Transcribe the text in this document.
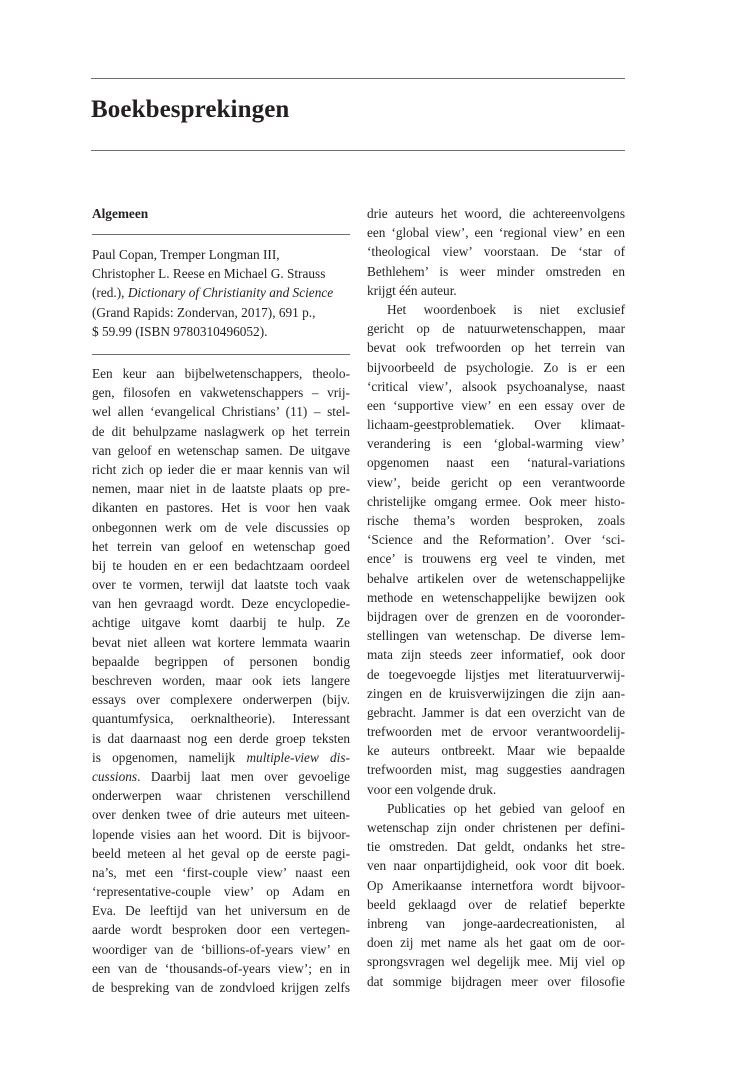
Boekbesprekingen
Algemeen
Paul Copan, Tremper Longman III,
Christopher L. Reese en Michael G. Strauss
(red.), Dictionary of Christianity and Science
(Grand Rapids: Zondervan, 2017), 691 p.,
$ 59.99 (ISBN 9780310496052).
Een keur aan bijbelwetenschappers, theolo-
gen, filosofen en vakwetenschappers – vrij-
wel allen ‘evangelical Christians’ (11) – stel-
de dit behulpzame naslagwerk op het terrein
van geloof en wetenschap samen. De uitgave
richt zich op ieder die er maar kennis van wil
nemen, maar niet in de laatste plaats op pre-
dikanten en pastores. Het is voor hen vaak
onbegonnen werk om de vele discussies op
het terrein van geloof en wetenschap goed
bij te houden en er een bedachtzaam oordeel
over te vormen, terwijl dat laatste toch vaak
van hen gevraagd wordt. Deze encyclopedie-
achtige uitgave komt daarbij te hulp. Ze
bevat niet alleen wat kortere lemmata waarin
bepaalde begrippen of personen bondig
beschreven worden, maar ook iets langere
essays over complexere onderwerpen (bijv.
quantumfysica, oerknaltheorie). Interessant
is dat daarnaast nog een derde groep teksten
is opgenomen, namelijk multiple-view dis-
cussions. Daarbij laat men over gevoelige
onderwerpen waar christenen verschillend
over denken twee of drie auteurs met uiteen-
lopende visies aan het woord. Dit is bijvoor-
beeld meteen al het geval op de eerste pagi-
na’s, met een ‘first-couple view’ naast een
‘representative-couple view’ op Adam en
Eva. De leeftijd van het universum en de
aarde wordt besproken door een vertegen-
woordiger van de ‘billions-of-years view’ en
een van de ‘thousands-of-years view’; en in
de bespreking van de zondvloed krijgen zelfs
drie auteurs het woord, die achtereenvolgens
een ‘global view’, een ‘regional view’ en een
‘theological view’ voorstaan. De ‘star of
Bethlehem’ is weer minder omstreden en
krijgt één auteur.
Het woordenboek is niet exclusief
gericht op de natuurwetenschappen, maar
bevat ook trefwoorden op het terrein van
bijvoorbeeld de psychologie. Zo is er een
‘critical view’, alsook psychoanalyse, naast
een ‘supportive view’ en een essay over de
lichaam-geestproblematiek. Over klimaat-
verandering is een ‘global-warming view’
opgenomen naast een ‘natural-variations
view’, beide gericht op een verantwoorde
christelijke omgang ermee. Ook meer histo-
rische thema’s worden besproken, zoals
‘Science and the Reformation’. Over ‘sci-
ence’ is trouwens erg veel te vinden, met
behalve artikelen over de wetenschappelijke
methode en wetenschappelijke bewijzen ook
bijdragen over de grenzen en de vooronder-
stellingen van wetenschap. De diverse lem-
mata zijn steeds zeer informatief, ook door
de toegevoegde lijstjes met literatuurverwij-
zingen en de kruisverwijzingen die zijn aan-
gebracht. Jammer is dat een overzicht van de
trefwoorden met de ervoor verantwoordelij-
ke auteurs ontbreekt. Maar wie bepaalde
trefwoorden mist, mag suggesties aandragen
voor een volgende druk.
Publicaties op het gebied van geloof en
wetenschap zijn onder christenen per defini-
tie omstreden. Dat geldt, ondanks het stre-
ven naar onpartijdigheid, ook voor dit boek.
Op Amerikaanse internetfora wordt bijvoor-
beeld geklaagd over de relatief beperkte
inbreng van jonge-aardecreationisten, al
doen zij met name als het gaat om de oor-
sprongsvragen wel degelijk mee. Mij viel op
dat sommige bijdragen meer over filosofie
